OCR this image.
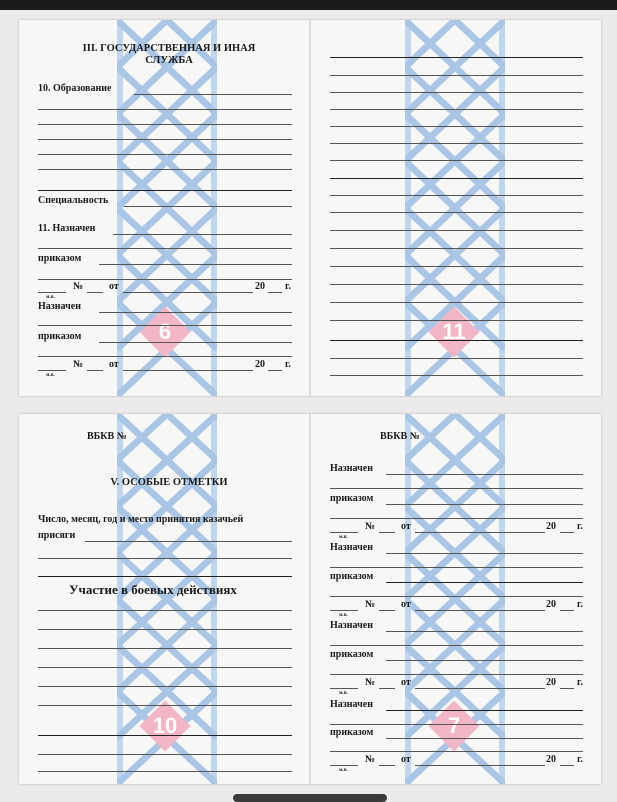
6	11
III. ГОСУДАРСТВЕННАЯ И ИНАЯ СЛУЖБА
10. Образование
Специальность
11. Назначен
приказом
№	от	20 г.
м.п.
Назначен
приказом
№	от	20 г.
м.п.
10	7
ВБКВ №
V. ОСОБЫЕ ОТМЕТКИ
Число, месяц, год и место принятия казачьей
присяги
Участие в боевых действиях
ВБКВ №
Назначен
приказом
№	от	20 г.
м.п.
Назначен
приказом
№	от	20 г.
м.п.
Назначен
приказом
№	от	20 г.
м.п.
Назначен
приказом
№	от	20 г.
м.п.
